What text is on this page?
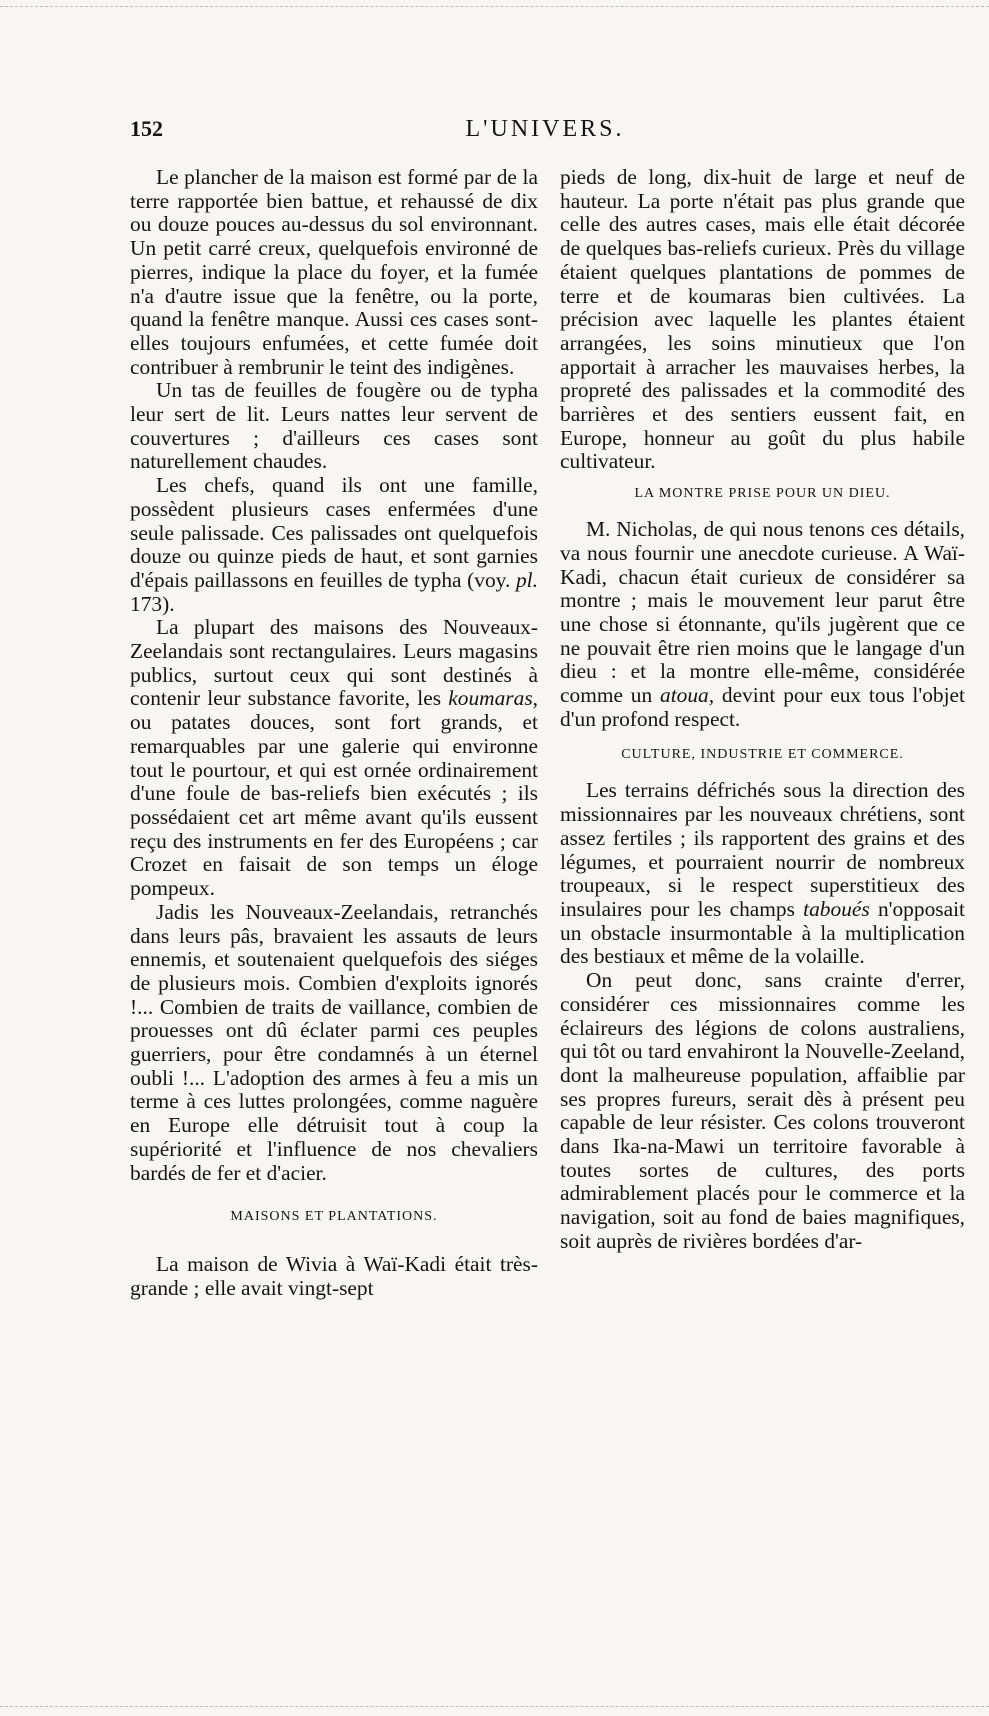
152	L'UNIVERS.

Le plancher de la maison est formé par de la terre rapportée bien battue, et rehaussé de dix ou douze pouces au-dessus du sol environnant. Un petit carré creux, quelquefois environné de pierres, indique la place du foyer, et la fumée n'a d'autre issue que la fenêtre, ou la porte, quand la fenêtre manque. Aussi ces cases sont-elles toujours enfumées, et cette fumée doit contribuer à rembrunir le teint des indigènes.

Un tas de feuilles de fougère ou de typha leur sert de lit. Leurs nattes leur servent de couvertures ; d'ailleurs ces cases sont naturellement chaudes.

Les chefs, quand ils ont une famille, possèdent plusieurs cases enfermées d'une seule palissade. Ces palissades ont quelquefois douze ou quinze pieds de haut, et sont garnies d'épais paillassons en feuilles de typha (voy. pl. 173).

La plupart des maisons des Nouveaux-Zeelandais sont rectangulaires. Leurs magasins publics, surtout ceux qui sont destinés à contenir leur substance favorite, les koumaras, ou patates douces, sont fort grands, et remarquables par une galerie qui environne tout le pourtour, et qui est ornée ordinairement d'une foule de bas-reliefs bien exécutés ; ils possédaient cet art même avant qu'ils eussent reçu des instruments en fer des Européens ; car Crozet en faisait de son temps un éloge pompeux.

Jadis les Nouveaux-Zeelandais, retranchés dans leurs pâs, bravaient les assauts de leurs ennemis, et soutenaient quelquefois des siéges de plusieurs mois. Combien d'exploits ignorés !... Combien de traits de vaillance, combien de prouesses ont dû éclater parmi ces peuples guerriers, pour être condamnés à un éternel oubli !... L'adoption des armes à feu a mis un terme à ces luttes prolongées, comme naguère en Europe elle détruisit tout à coup la supériorité et l'influence de nos chevaliers bardés de fer et d'acier.

MAISONS ET PLANTATIONS.

La maison de Wivia à Waï-Kadi était très-grande ; elle avait vingt-sept

pieds de long, dix-huit de large et neuf de hauteur. La porte n'était pas plus grande que celle des autres cases, mais elle était décorée de quelques bas-reliefs curieux. Près du village étaient quelques plantations de pommes de terre et de koumaras bien cultivées. La précision avec laquelle les plantes étaient arrangées, les soins minutieux que l'on apportait à arracher les mauvaises herbes, la propreté des palissades et la commodité des barrières et des sentiers eussent fait, en Europe, honneur au goût du plus habile cultivateur.

LA MONTRE PRISE POUR UN DIEU.

M. Nicholas, de qui nous tenons ces détails, va nous fournir une anecdote curieuse. A Waï-Kadi, chacun était curieux de considérer sa montre ; mais le mouvement leur parut être une chose si étonnante, qu'ils jugèrent que ce ne pouvait être rien moins que le langage d'un dieu : et la montre elle-même, considérée comme un atoua, devint pour eux tous l'objet d'un profond respect.

CULTURE, INDUSTRIE ET COMMERCE.

Les terrains défrichés sous la direction des missionnaires par les nouveaux chrétiens, sont assez fertiles ; ils rapportent des grains et des légumes, et pourraient nourrir de nombreux troupeaux, si le respect superstitieux des insulaires pour les champs taboués n'opposait un obstacle insurmontable à la multiplication des bestiaux et même de la volaille.

On peut donc, sans crainte d'errer, considérer ces missionnaires comme les éclaireurs des légions de colons australiens, qui tôt ou tard envahiront la Nouvelle-Zeeland, dont la malheureuse population, affaiblie par ses propres fureurs, serait dès à présent peu capable de leur résister. Ces colons trouveront dans Ika-na-Mawi un territoire favorable à toutes sortes de cultures, des ports admirablement placés pour le commerce et la navigation, soit au fond de baies magnifiques, soit auprès de rivières bordées d'ar-
